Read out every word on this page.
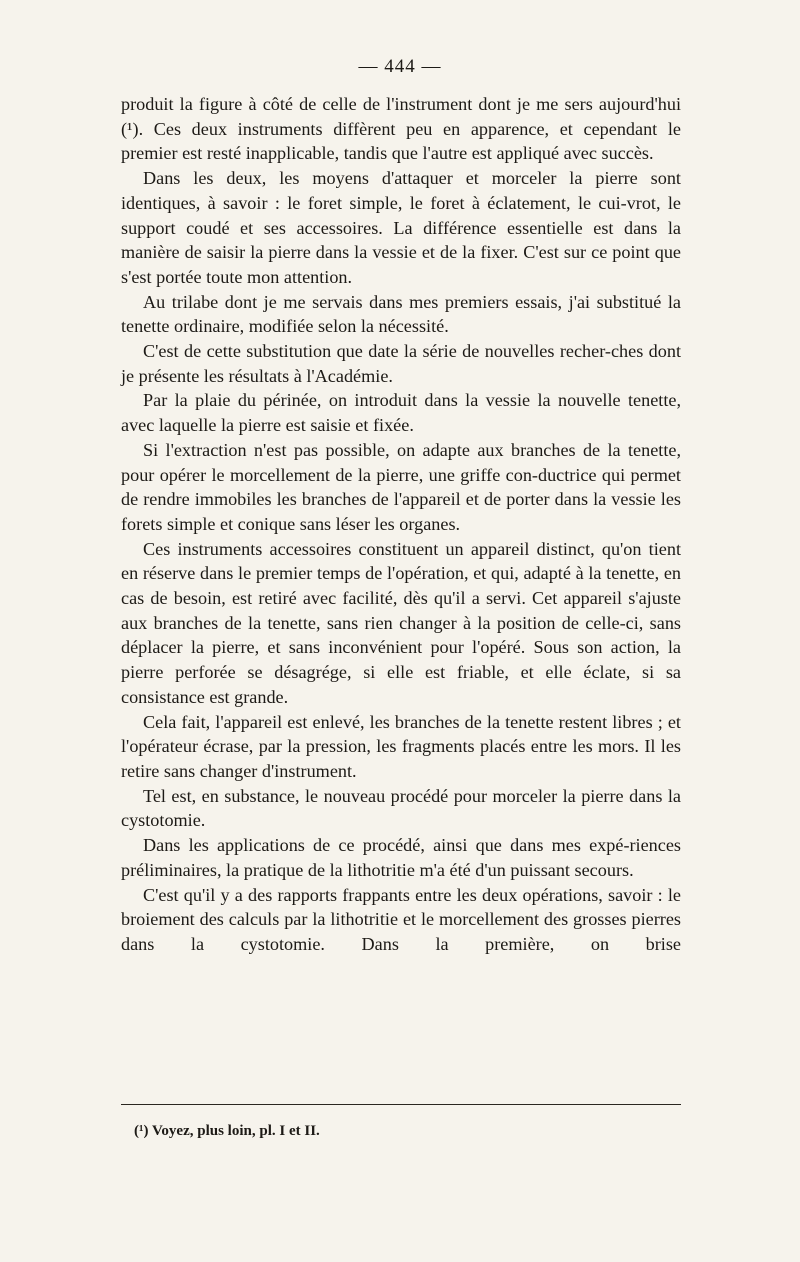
— 444 —

produit la figure à côté de celle de l'instrument dont je me sers aujourd'hui (¹). Ces deux instruments diffèrent peu en apparence, et cependant le premier est resté inapplicable, tandis que l'autre est appliqué avec succès.

Dans les deux, les moyens d'attaquer et morceler la pierre sont identiques, à savoir : le foret simple, le foret à éclatement, le cui-vrot, le support coudé et ses accessoires. La différence essentielle est dans la manière de saisir la pierre dans la vessie et de la fixer. C'est sur ce point que s'est portée toute mon attention.

Au trilabe dont je me servais dans mes premiers essais, j'ai substitué la tenette ordinaire, modifiée selon la nécessité.

C'est de cette substitution que date la série de nouvelles recher-ches dont je présente les résultats à l'Académie.

Par la plaie du périnée, on introduit dans la vessie la nouvelle tenette, avec laquelle la pierre est saisie et fixée.

Si l'extraction n'est pas possible, on adapte aux branches de la tenette, pour opérer le morcellement de la pierre, une griffe con-ductrice qui permet de rendre immobiles les branches de l'appareil et de porter dans la vessie les forets simple et conique sans léser les organes.

Ces instruments accessoires constituent un appareil distinct, qu'on tient en réserve dans le premier temps de l'opération, et qui, adapté à la tenette, en cas de besoin, est retiré avec facilité, dès qu'il a servi. Cet appareil s'ajuste aux branches de la tenette, sans rien changer à la position de celle-ci, sans déplacer la pierre, et sans inconvénient pour l'opéré. Sous son action, la pierre perforée se désagrége, si elle est friable, et elle éclate, si sa consistance est grande.

Cela fait, l'appareil est enlevé, les branches de la tenette restent libres ; et l'opérateur écrase, par la pression, les fragments placés entre les mors. Il les retire sans changer d'instrument.

Tel est, en substance, le nouveau procédé pour morceler la pierre dans la cystotomie.

Dans les applications de ce procédé, ainsi que dans mes expé-riences préliminaires, la pratique de la lithotritie m'a été d'un puissant secours.

C'est qu'il y a des rapports frappants entre les deux opérations, savoir : le broiement des calculs par la lithotritie et le morcellement des grosses pierres dans la cystotomie. Dans la première, on brise

(¹) Voyez, plus loin, pl. I et II.
